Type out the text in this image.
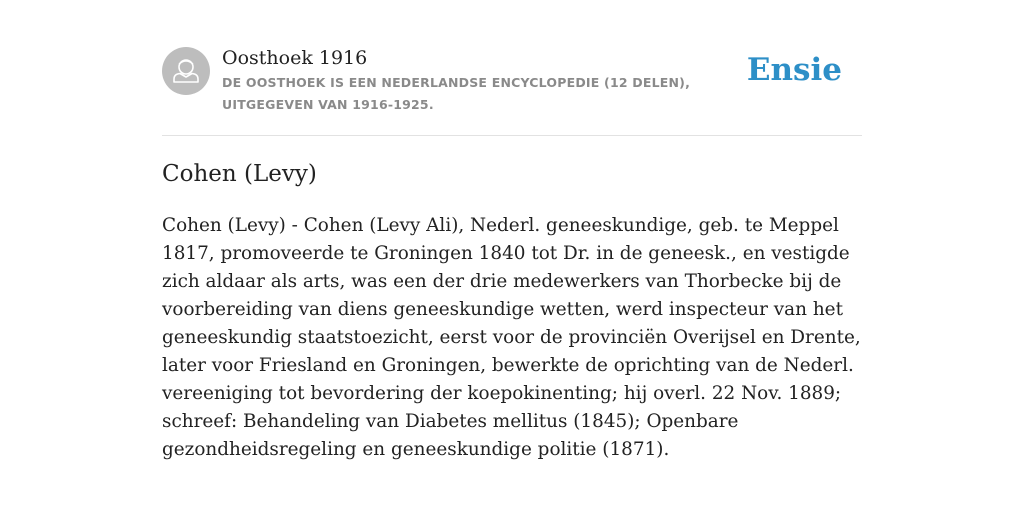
Oosthoek 1916
DE OOSTHOEK IS EEN NEDERLANDSE ENCYCLOPEDIE (12 DELEN), UITGEGEVEN VAN 1916-1925.
Ensie
Cohen (Levy)

Cohen (Levy) - Cohen (Levy Ali), Nederl. geneeskundige, geb. te Meppel 1817, promoveerde te Groningen 1840 tot Dr. in de geneesk., en vestigde zich aldaar als arts, was een der drie medewerkers van Thorbecke bij de voorbereiding van diens geneeskundige wetten, werd inspecteur van het geneeskundig staatstoezicht, eerst voor de provinciën Overijsel en Drente, later voor Friesland en Groningen, bewerkte de oprichting van de Nederl. vereeniging tot bevordering der koepokinenting; hij overl. 22 Nov. 1889; schreef: Behandeling van Diabetes mellitus (1845); Openbare gezondheidsregeling en geneeskundige politie (1871).
